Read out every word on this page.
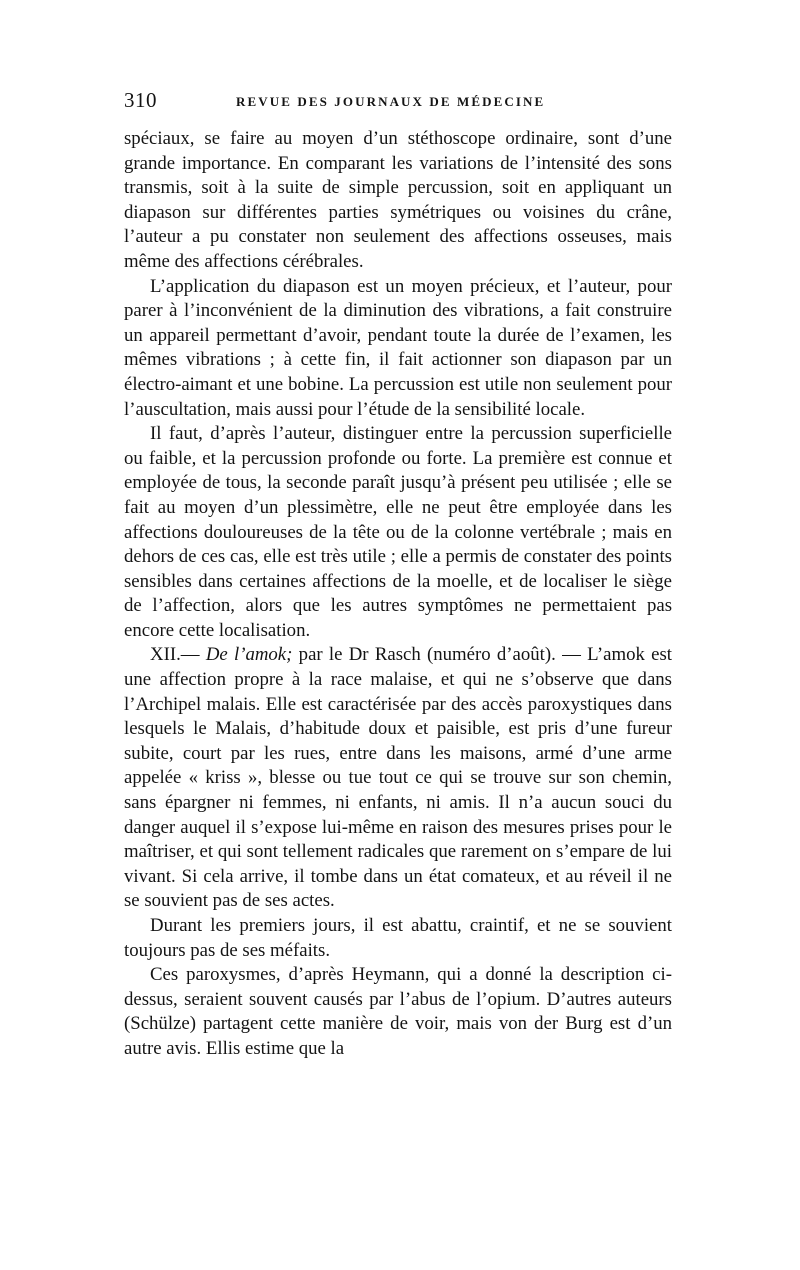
310	REVUE DES JOURNAUX DE MÉDECINE

spéciaux, se faire au moyen d’un stéthoscope ordinaire, sont d’une grande importance. En comparant les variations de l’intensité des sons transmis, soit à la suite de simple percussion, soit en appliquant un diapason sur différentes parties symétriques ou voisines du crâne, l’auteur a pu constater non seulement des affections osseuses, mais même des affections cérébrales.

L’application du diapason est un moyen précieux, et l’auteur, pour parer à l’inconvénient de la diminution des vibrations, a fait construire un appareil permettant d’avoir, pendant toute la durée de l’examen, les mêmes vibrations ; à cette fin, il fait actionner son diapason par un électro-aimant et une bobine. La percussion est utile non seulement pour l’auscultation, mais aussi pour l’étude de la sensibilité locale.

Il faut, d’après l’auteur, distinguer entre la percussion superficielle ou faible, et la percussion profonde ou forte. La première est connue et employée de tous, la seconde paraît jusqu’à présent peu utilisée ; elle se fait au moyen d’un plessimètre, elle ne peut être employée dans les affections douloureuses de la tête ou de la colonne vertébrale ; mais en dehors de ces cas, elle est très utile ; elle a permis de constater des points sensibles dans certaines affections de la moelle, et de localiser le siège de l’affection, alors que les autres symptômes ne permettaient pas encore cette localisation.

XII.— De l’amok; par le Dr Rasch (numéro d’août). — L’amok est une affection propre à la race malaise, et qui ne s’observe que dans l’Archipel malais. Elle est caractérisée par des accès paroxystiques dans lesquels le Malais, d’habitude doux et paisible, est pris d’une fureur subite, court par les rues, entre dans les maisons, armé d’une arme appelée « kriss », blesse ou tue tout ce qui se trouve sur son chemin, sans épargner ni femmes, ni enfants, ni amis. Il n’a aucun souci du danger auquel il s’expose lui-même en raison des mesures prises pour le maîtriser, et qui sont tellement radicales que rarement on s’empare de lui vivant. Si cela arrive, il tombe dans un état comateux, et au réveil il ne se souvient pas de ses actes.

Durant les premiers jours, il est abattu, craintif, et ne se souvient toujours pas de ses méfaits.

Ces paroxysmes, d’après Heymann, qui a donné la description ci-dessus, seraient souvent causés par l’abus de l’opium. D’autres auteurs (Schülze) partagent cette manière de voir, mais von der Burg est d’un autre avis. Ellis estime que la
